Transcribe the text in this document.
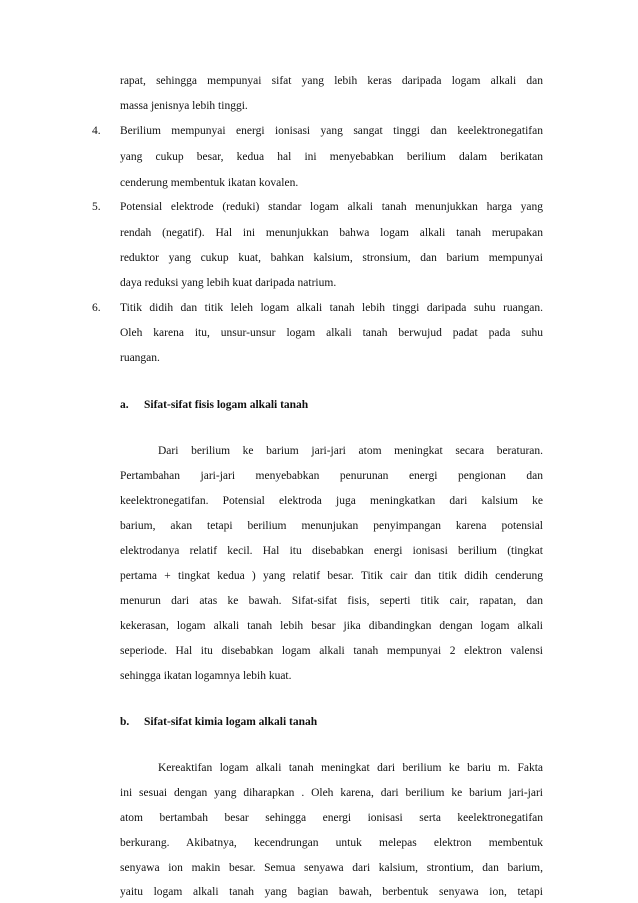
rapat, sehingga mempunyai sifat yang lebih keras daripada logam alkali dan
massa jenisnya lebih tinggi.
4. Berilium mempunyai energi ionisasi yang sangat tinggi dan keelektronegatifan
yang cukup besar, kedua hal ini menyebabkan berilium dalam berikatan
cenderung membentuk ikatan kovalen.
5. Potensial elektrode (reduki) standar logam alkali tanah menunjukkan harga yang
rendah (negatif). Hal ini menunjukkan bahwa logam alkali tanah merupakan
reduktor yang cukup kuat, bahkan kalsium, stronsium, dan barium mempunyai
daya reduksi yang lebih kuat daripada natrium.
6. Titik didih dan titik leleh logam alkali tanah lebih tinggi daripada suhu ruangan.
Oleh karena itu, unsur-unsur logam alkali tanah berwujud padat pada suhu
ruangan.
a. Sifat-sifat fisis logam alkali tanah
Dari berilium ke barium jari-jari atom meningkat secara beraturan.
Pertambahan jari-jari menyebabkan penurunan energi pengionan dan
keelektronegatifan. Potensial elektroda juga meningkatkan dari kalsium ke
barium, akan tetapi berilium menunjukan penyimpangan karena potensial
elektrodanya relatif kecil. Hal itu disebabkan energi ionisasi berilium (tingkat
pertama + tingkat kedua ) yang relatif besar. Titik cair dan titik didih cenderung
menurun dari atas ke bawah. Sifat-sifat fisis, seperti titik cair, rapatan, dan
kekerasan, logam alkali tanah lebih besar jika dibandingkan dengan logam alkali
seperiode. Hal itu disebabkan logam alkali tanah mempunyai 2 elektron valensi
sehingga ikatan logamnya lebih kuat.
b. Sifat-sifat kimia logam alkali tanah
Kereaktifan logam alkali tanah meningkat dari berilium ke bariu m. Fakta
ini sesuai dengan yang diharapkan . Oleh karena, dari berilium ke barium jari-jari
atom bertambah besar sehingga energi ionisasi serta keelektronegatifan
berkurang. Akibatnya, kecendrungan untuk melepas elektron membentuk
senyawa ion makin besar. Semua senyawa dari kalsium, strontium, dan barium,
yaitu logam alkali tanah yang bagian bawah, berbentuk senyawa ion, tetapi
